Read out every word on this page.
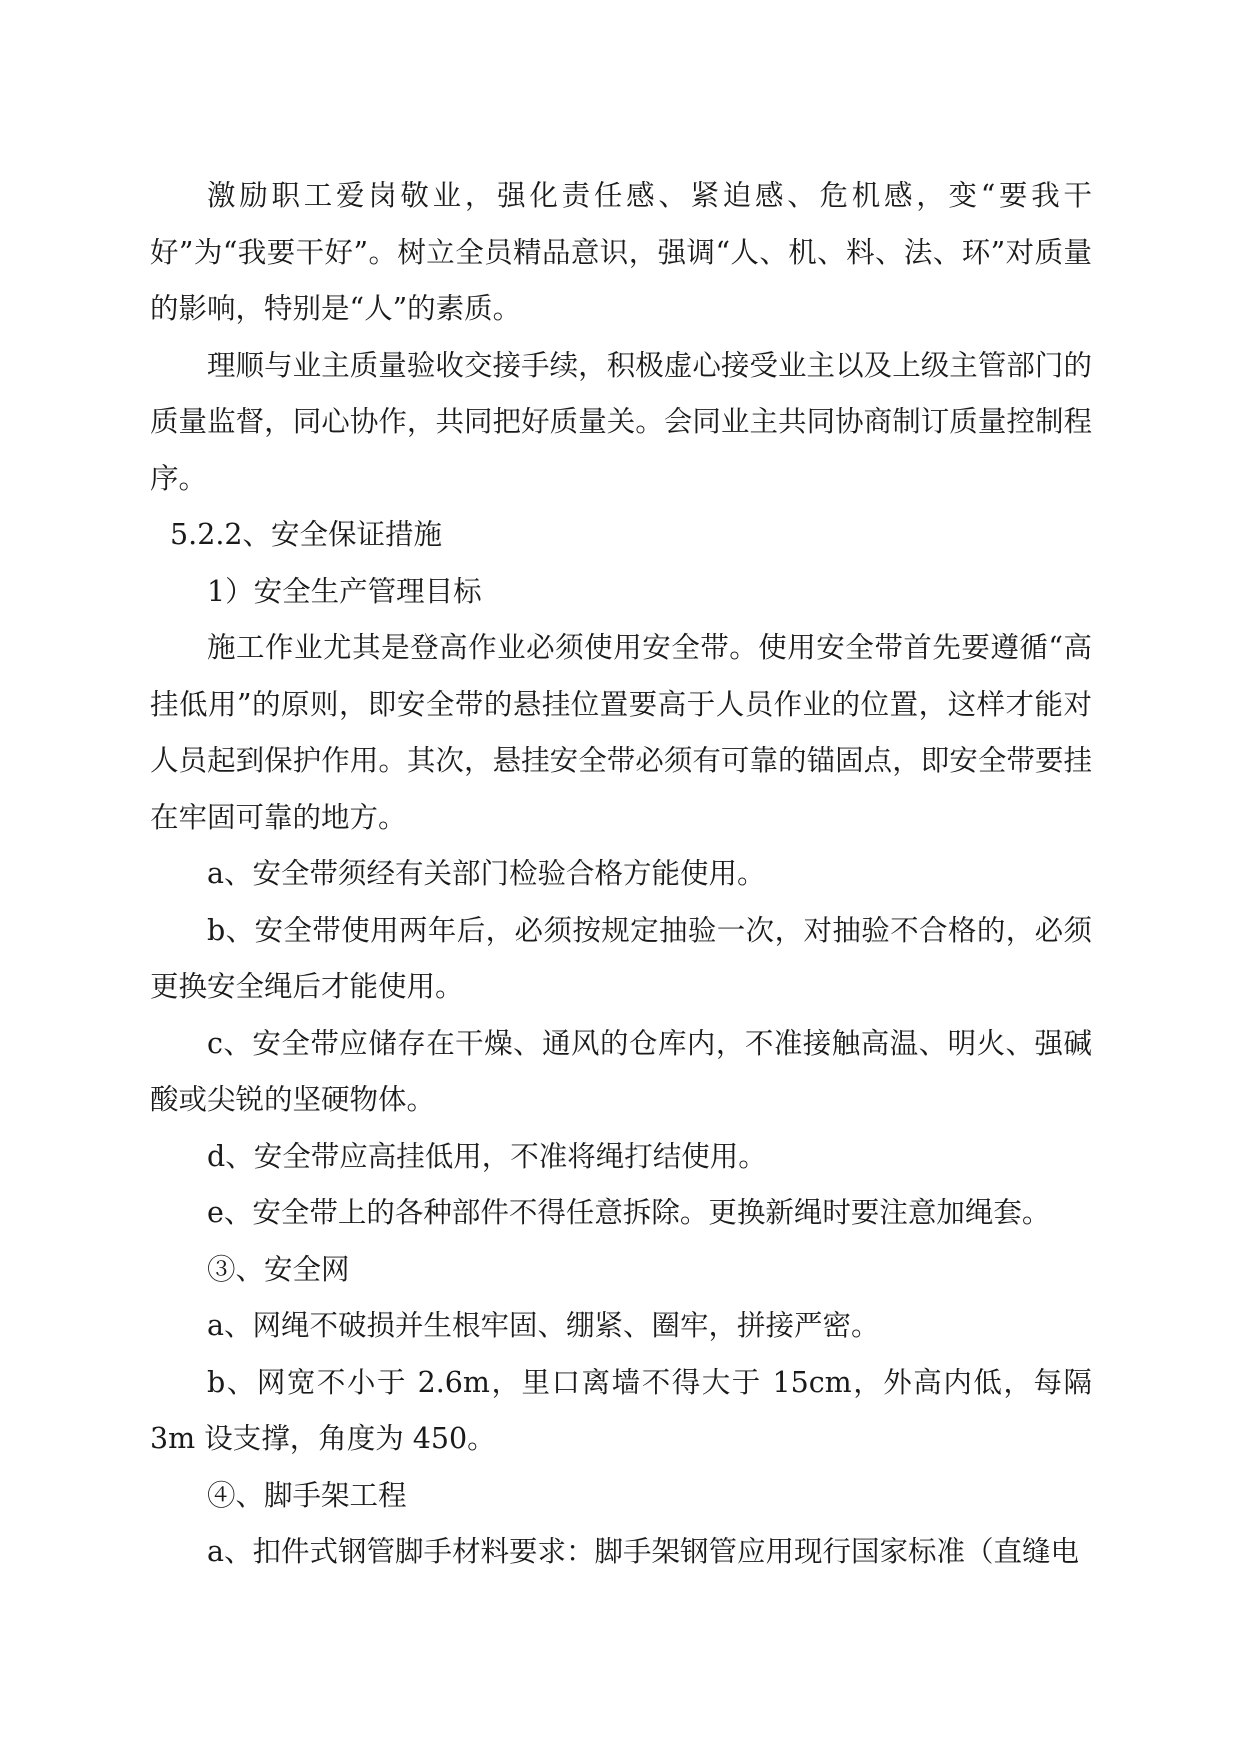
激励职工爱岗敬业，强化责任感、紧迫感、危机感，变“要我干好”为“我要干好”。树立全员精品意识，强调“人、机、料、法、环”对质量的影响，特别是“人”的素质。

理顺与业主质量验收交接手续，积极虚心接受业主以及上级主管部门的质量监督，同心协作，共同把好质量关。会同业主共同协商制订质量控制程序。

5.2.2、安全保证措施

1）安全生产管理目标

施工作业尤其是登高作业必须使用安全带。使用安全带首先要遵循“高挂低用”的原则，即安全带的悬挂位置要高于人员作业的位置，这样才能对人员起到保护作用。其次，悬挂安全带必须有可靠的锚固点，即安全带要挂在牢固可靠的地方。

a、安全带须经有关部门检验合格方能使用。

b、安全带使用两年后，必须按规定抽验一次，对抽验不合格的，必须更换安全绳后才能使用。

c、安全带应储存在干燥、通风的仓库内，不准接触高温、明火、强碱酸或尖锐的坚硬物体。

d、安全带应高挂低用，不准将绳打结使用。

e、安全带上的各种部件不得任意拆除。更换新绳时要注意加绳套。

③、安全网

a、网绳不破损并生根牢固、绷紧、圈牢，拼接严密。

b、网宽不小于 2.6m，里口离墙不得大于 15cm，外高内低，每隔 3m 设支撑，角度为 450。

④、脚手架工程

a、扣件式钢管脚手材料要求：脚手架钢管应用现行国家标准（直缝电
